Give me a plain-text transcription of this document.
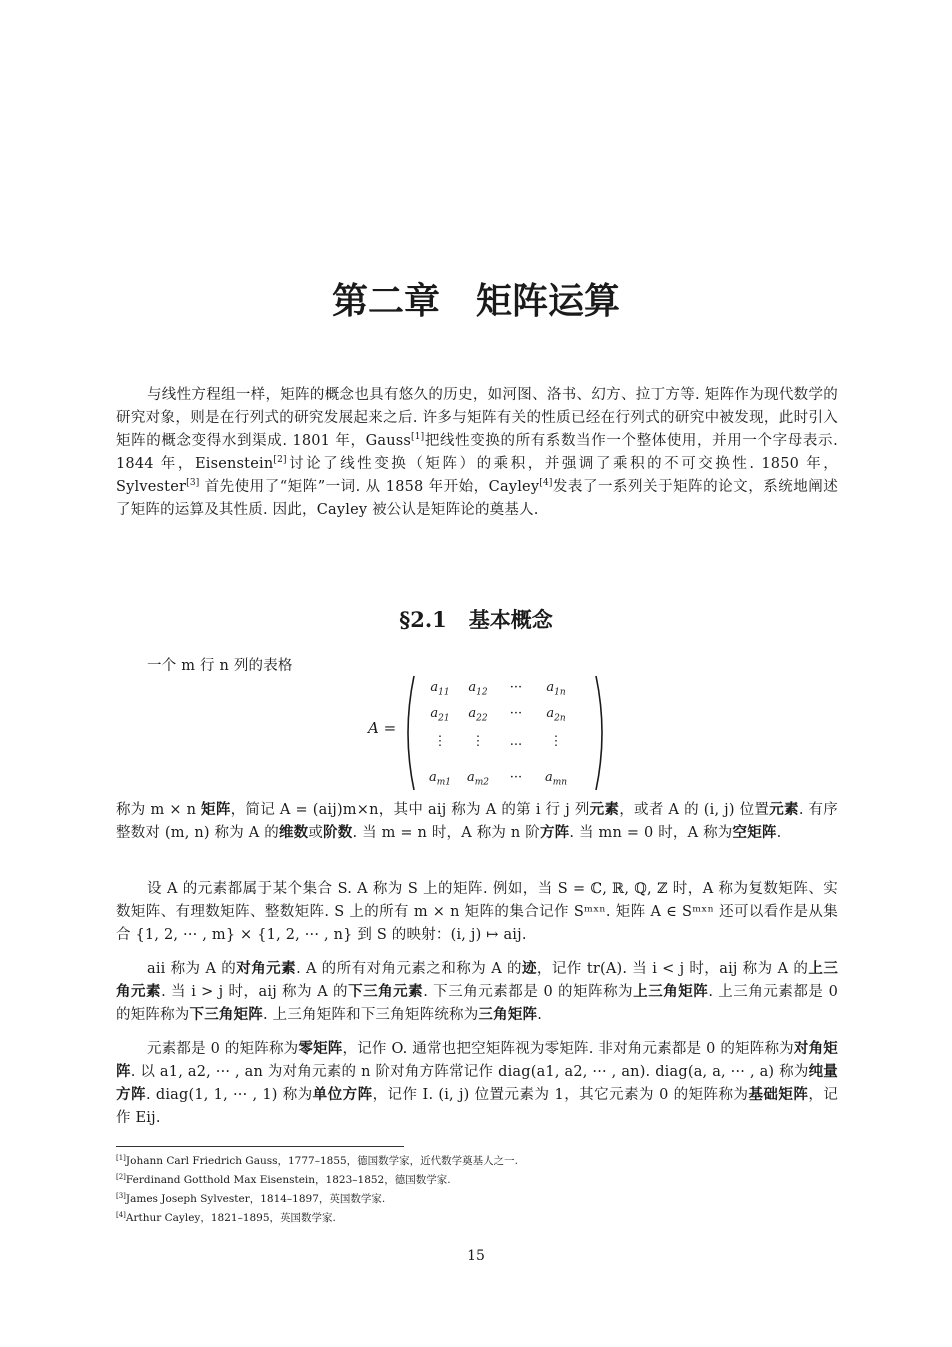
第二章 矩阵运算
与线性方程组一样，矩阵的概念也具有悠久的历史，如河图、洛书、幻方、拉丁方等. 矩阵作为现代数学的研究对象，则是在行列式的研究发展起来之后. 许多与矩阵有关的性质已经在行列式的研究中被发现，此时引入矩阵的概念变得水到渠成. 1801 年，Gauss[1]把线性变换的所有系数当作一个整体使用，并用一个字母表示. 1844 年，Eisenstein[2]讨论了线性变换（矩阵）的乘积，并强调了乘积的不可交换性. 1850 年，Sylvester[3] 首先使用了“矩阵”一词. 从 1858 年开始，Cayley[4]发表了一系列关于矩阵的论文，系统地阐述了矩阵的运算及其性质. 因此，Cayley 被公认是矩阵论的奠基人.
§2.1 基本概念
一个 m 行 n 列的表格
A =
$a_{11}$	$a_{12}$	···	$a_{1n}$
$a_{21}$	$a_{22}$	···	$a_{2n}$
⋮	⋮	...	⋮
$a_{m1}$	$a_{m2}$	···	$a_{mn}$
称为 m × n 矩阵，简记 A = (aij)m×n，其中 aij 称为 A 的第 i 行 j 列元素，或者 A 的 (i, j) 位置元素. 有序整数对 (m, n) 称为 A 的维数或阶数. 当 m = n 时，A 称为 n 阶方阵. 当 mn = 0 时，A 称为空矩阵.
设 A 的元素都属于某个集合 S. A 称为 S 上的矩阵. 例如，当 S = ℂ, ℝ, ℚ, ℤ 时，A 称为复数矩阵、实数矩阵、有理数矩阵、整数矩阵. S 上的所有 m × n 矩阵的集合记作 Sᵐˣⁿ. 矩阵 A ∈ Sᵐˣⁿ 还可以看作是从集合 {1, 2, ··· , m} × {1, 2, ··· , n} 到 S 的映射：(i, j) ↦ aij.
aii 称为 A 的对角元素. A 的所有对角元素之和称为 A 的迹，记作 tr(A). 当 i < j 时，aij 称为 A 的上三角元素. 当 i > j 时，aij 称为 A 的下三角元素. 下三角元素都是 0 的矩阵称为上三角矩阵. 上三角元素都是 0 的矩阵称为下三角矩阵. 上三角矩阵和下三角矩阵统称为三角矩阵.
元素都是 0 的矩阵称为零矩阵，记作 O. 通常也把空矩阵视为零矩阵. 非对角元素都是 0 的矩阵称为对角矩阵. 以 a1, a2, ··· , an 为对角元素的 n 阶对角方阵常记作 diag(a1, a2, ··· , an). diag(a, a, ··· , a) 称为纯量方阵. diag(1, 1, ··· , 1) 称为单位方阵，记作 I. (i, j) 位置元素为 1，其它元素为 0 的矩阵称为基础矩阵，记作 Eij.
[1]Johann Carl Friedrich Gauss，1777–1855，德国数学家，近代数学奠基人之一.
[2]Ferdinand Gotthold Max Eisenstein，1823–1852，德国数学家.
[3]James Joseph Sylvester，1814–1897，英国数学家.
[4]Arthur Cayley，1821–1895，英国数学家.
15
